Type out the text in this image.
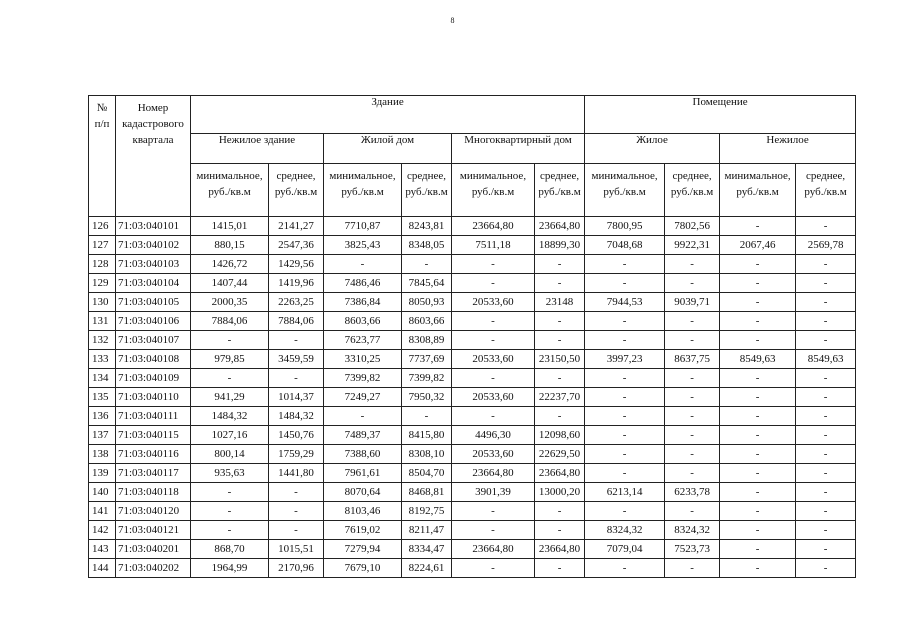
8
№ п/п	Номер кадастрового квартала	Здание						Помещение			
		Нежилое здание		Жилой дом		Многоквартирный дом		Жилое		Нежилое	
		минимальное, руб./кв.м	среднее, руб./кв.м	минимальное, руб./кв.м	среднее, руб./кв.м	минимальное, руб./кв.м	среднее, руб./кв.м	минимальное, руб./кв.м	среднее, руб./кв.м	минимальное, руб./кв.м	среднее, руб./кв.м
126	71:03:040101	1415,01	2141,27	7710,87	8243,81	23664,80	23664,80	7800,95	7802,56	-	-
127	71:03:040102	880,15	2547,36	3825,43	8348,05	7511,18	18899,30	7048,68	9922,31	2067,46	2569,78
128	71:03:040103	1426,72	1429,56	-	-	-	-	-	-	-	-
129	71:03:040104	1407,44	1419,96	7486,46	7845,64	-	-	-	-	-	-
130	71:03:040105	2000,35	2263,25	7386,84	8050,93	20533,60	23148	7944,53	9039,71	-	-
131	71:03:040106	7884,06	7884,06	8603,66	8603,66	-	-	-	-	-	-
132	71:03:040107	-	-	7623,77	8308,89	-	-	-	-	-	-
133	71:03:040108	979,85	3459,59	3310,25	7737,69	20533,60	23150,50	3997,23	8637,75	8549,63	8549,63
134	71:03:040109	-	-	7399,82	7399,82	-	-	-	-	-	-
135	71:03:040110	941,29	1014,37	7249,27	7950,32	20533,60	22237,70	-	-	-	-
136	71:03:040111	1484,32	1484,32	-	-	-	-	-	-	-	-
137	71:03:040115	1027,16	1450,76	7489,37	8415,80	4496,30	12098,60	-	-	-	-
138	71:03:040116	800,14	1759,29	7388,60	8308,10	20533,60	22629,50	-	-	-	-
139	71:03:040117	935,63	1441,80	7961,61	8504,70	23664,80	23664,80	-	-	-	-
140	71:03:040118	-	-	8070,64	8468,81	3901,39	13000,20	6213,14	6233,78	-	-
141	71:03:040120	-	-	8103,46	8192,75	-	-	-	-	-	-
142	71:03:040121	-	-	7619,02	8211,47	-	-	8324,32	8324,32	-	-
143	71:03:040201	868,70	1015,51	7279,94	8334,47	23664,80	23664,80	7079,04	7523,73	-	-
144	71:03:040202	1964,99	2170,96	7679,10	8224,61	-	-	-	-	-	-
